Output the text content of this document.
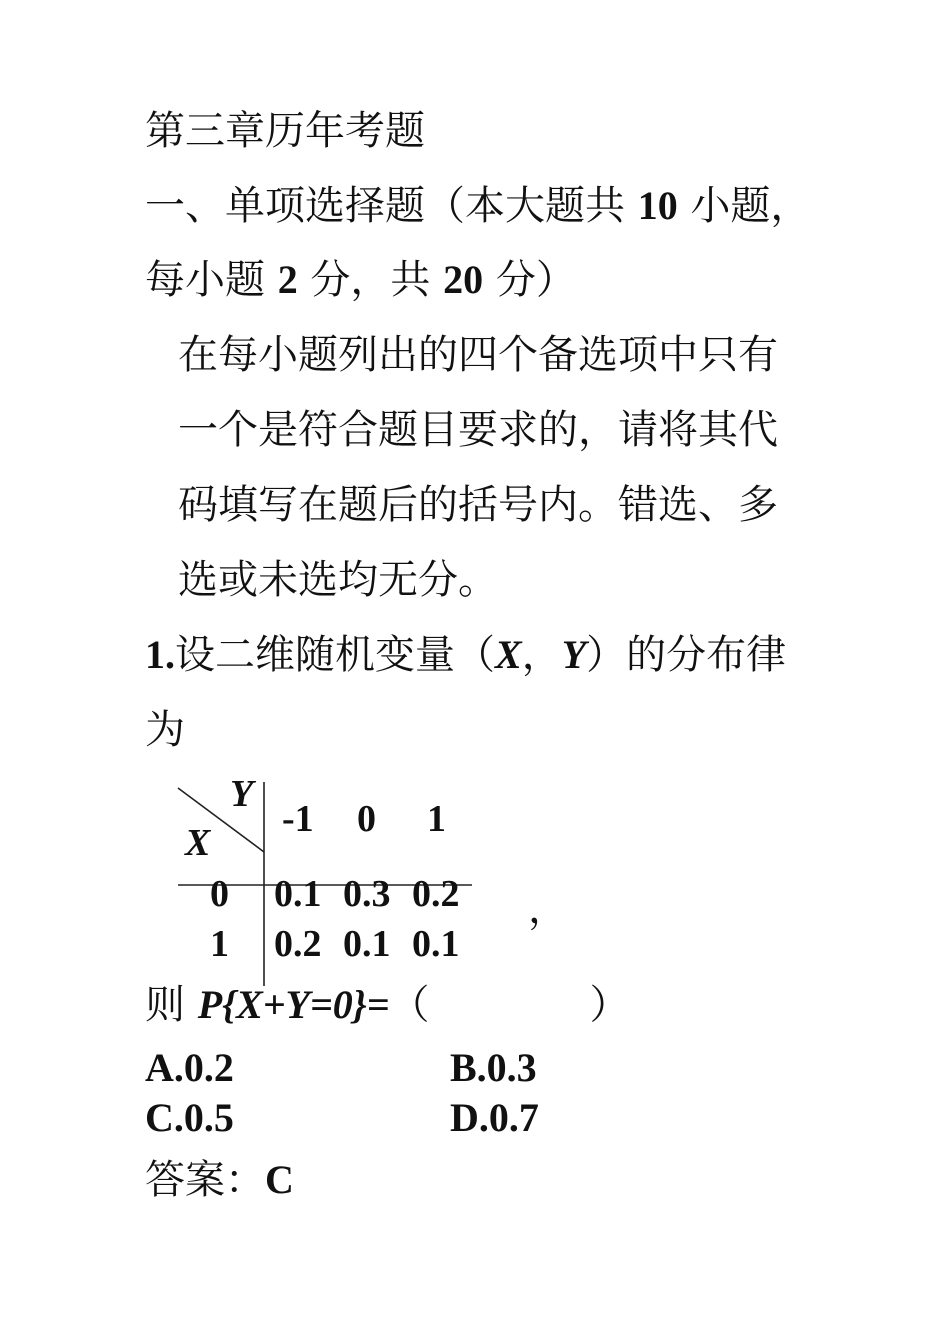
第三章历年考题
一、单项选择题（本大题共 10 小题，
每小题 2 分，共 20 分）
在每小题列出的四个备选项中只有
一个是符合题目要求的，请将其代
码填写在题后的括号内。错选、多
选或未选均无分。
1.设二维随机变量（X，Y）的分布律
为
Y
X
-1 0 1
0 0.1 0.3 0.2
1 0.2 0.1 0.1
，
则 P{X+Y=0}=（　　　　）
A.0.2	B.0.3
C.0.5	D.0.7
答案：C
